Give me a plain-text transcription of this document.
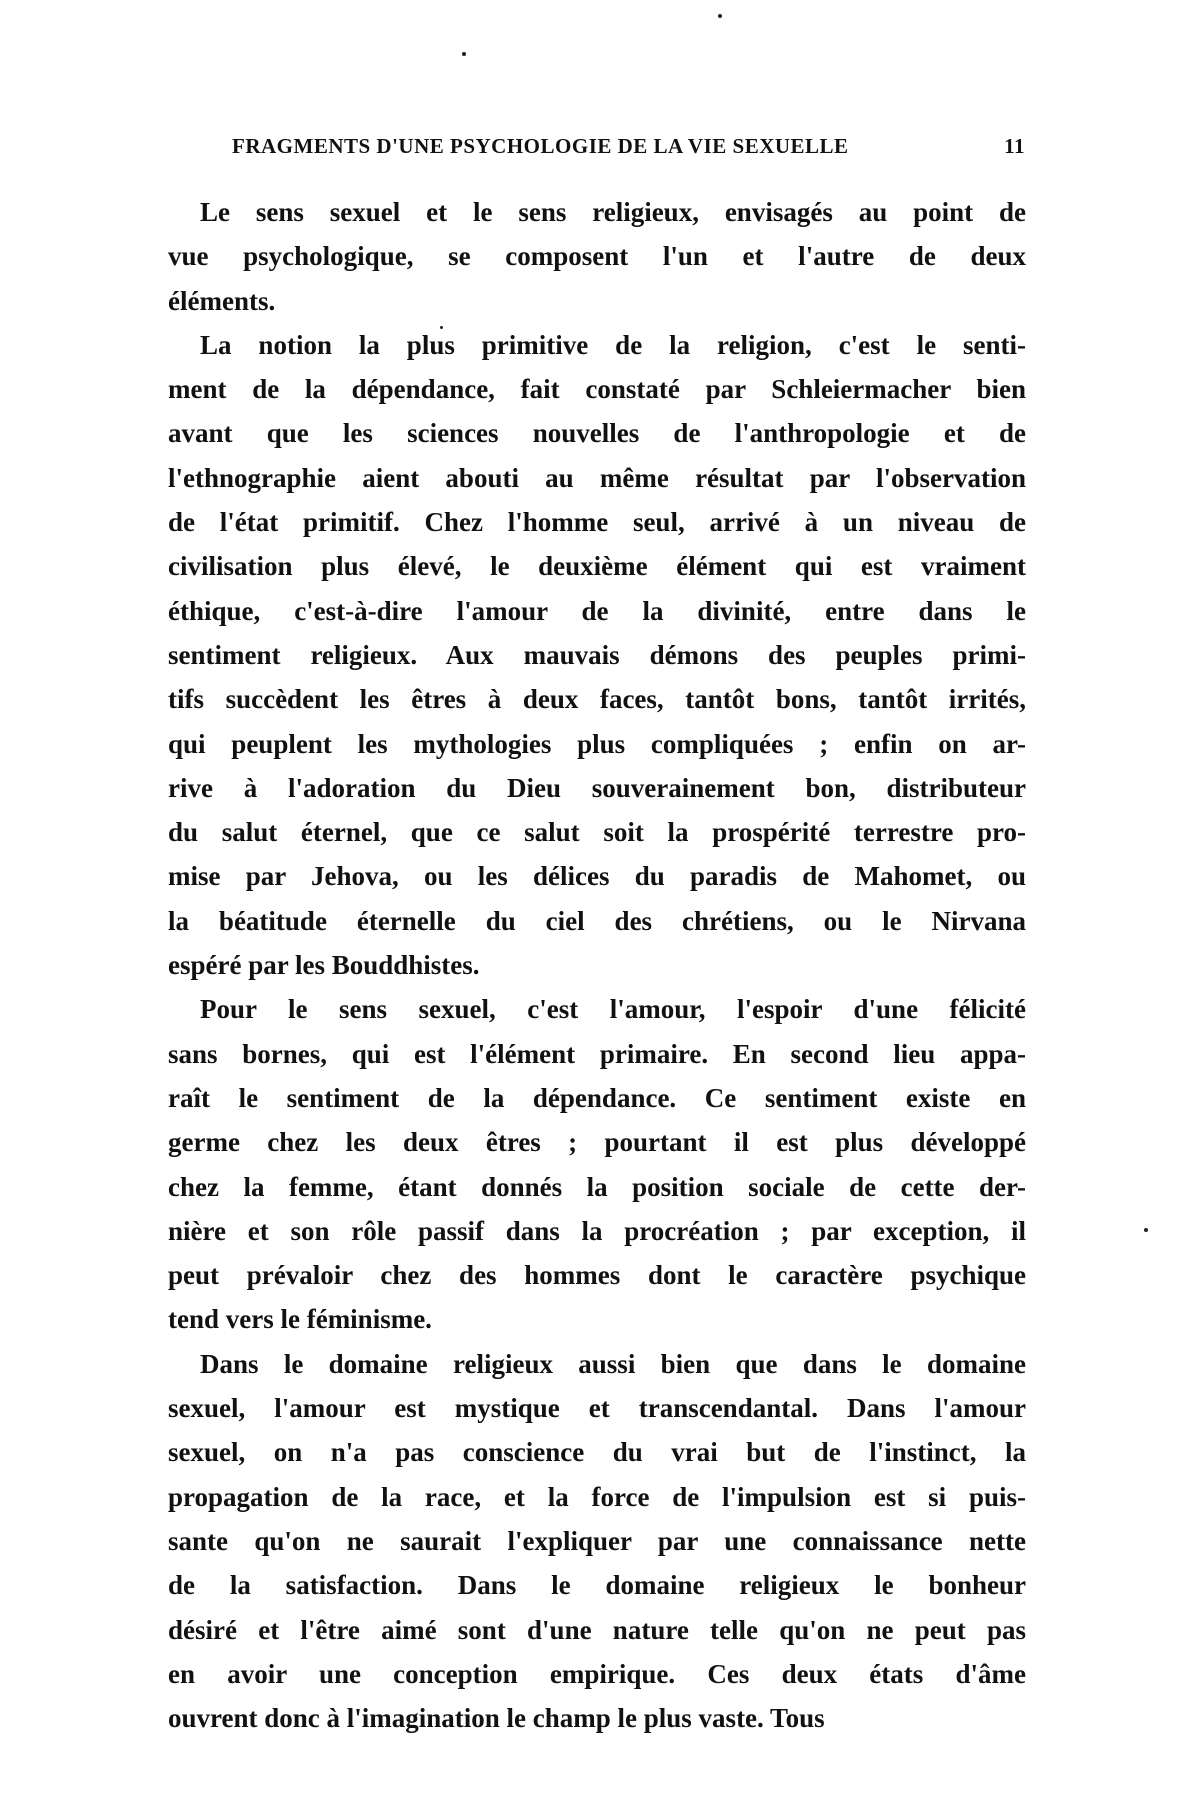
FRAGMENTS D'UNE PSYCHOLOGIE DE LA VIE SEXUELLE	11
Le sens sexuel et le sens religieux, envisagés au point de
vue psychologique, se composent l'un et l'autre de deux
éléments.
La notion la plus primitive de la religion, c'est le senti-
ment de la dépendance, fait constaté par Schleiermacher bien
avant que les sciences nouvelles de l'anthropologie et de
l'ethnographie aient abouti au même résultat par l'observation
de l'état primitif. Chez l'homme seul, arrivé à un niveau de
civilisation plus élevé, le deuxième élément qui est vraiment
éthique, c'est-à-dire l'amour de la divinité, entre dans le
sentiment religieux. Aux mauvais démons des peuples primi-
tifs succèdent les êtres à deux faces, tantôt bons, tantôt irrités,
qui peuplent les mythologies plus compliquées ; enfin on ar-
rive à l'adoration du Dieu souverainement bon, distributeur
du salut éternel, que ce salut soit la prospérité terrestre pro-
mise par Jehova, ou les délices du paradis de Mahomet, ou
la béatitude éternelle du ciel des chrétiens, ou le Nirvana
espéré par les Bouddhistes.
Pour le sens sexuel, c'est l'amour, l'espoir d'une félicité
sans bornes, qui est l'élément primaire. En second lieu appa-
raît le sentiment de la dépendance. Ce sentiment existe en
germe chez les deux êtres ; pourtant il est plus développé
chez la femme, étant donnés la position sociale de cette der-
nière et son rôle passif dans la procréation ; par exception, il
peut prévaloir chez des hommes dont le caractère psychique
tend vers le féminisme.
Dans le domaine religieux aussi bien que dans le domaine
sexuel, l'amour est mystique et transcendantal. Dans l'amour
sexuel, on n'a pas conscience du vrai but de l'instinct, la
propagation de la race, et la force de l'impulsion est si puis-
sante qu'on ne saurait l'expliquer par une connaissance nette
de la satisfaction. Dans le domaine religieux le bonheur
désiré et l'être aimé sont d'une nature telle qu'on ne peut pas
en avoir une conception empirique. Ces deux états d'âme
ouvrent donc à l'imagination le champ le plus vaste. Tous
